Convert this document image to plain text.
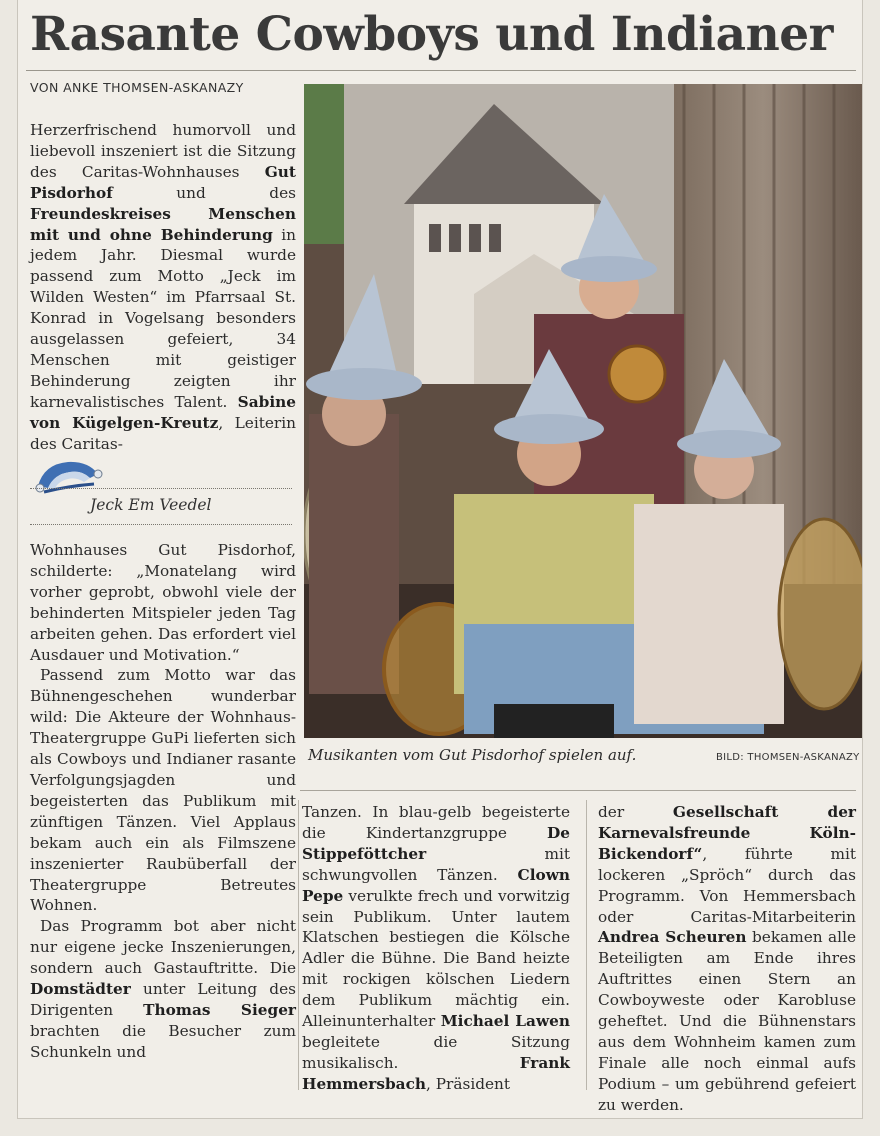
Rasante Cowboys und Indianer
VON ANKE THOMSEN-ASKANAZY

Herzerfrischend humorvoll und liebevoll inszeniert ist die Sitzung des Caritas-Wohnhauses Gut Pisdorhof und des Freundeskreises Menschen mit und ohne Behinderung in jedem Jahr. Diesmal wurde passend zum Motto „Jeck im Wilden Westen“ im Pfarrsaal St. Konrad in Vogelsang besonders ausgelassen gefeiert, 34 Menschen mit geistiger Behinderung zeigten ihr karnevalistisches Talent. Sabine von Kügelgen-Kreutz, Leiterin des Caritas-

Jeck Em Veedel

Wohnhauses Gut Pisdorhof, schilderte: „Monatelang wird vorher geprobt, obwohl viele der behinderten Mitspieler jeden Tag arbeiten gehen. Das erfordert viel Ausdauer und Motivation.“

Passend zum Motto war das Bühnengeschehen wunderbar wild: Die Akteure der Wohnhaus-Theatergruppe GuPi lieferten sich als Cowboys und Indianer rasante Verfolgungsjagden und begeisterten das Publikum mit zünftigen Tänzen. Viel Applaus bekam auch ein als Filmszene inszenierter Raubüberfall der Theatergruppe Betreutes Wohnen.

Das Programm bot aber nicht nur eigene jecke Inszenierungen, sondern auch Gastauftritte. Die Domstädter unter Leitung des Dirigenten Thomas Sieger brachten die Besucher zum Schunkeln und

Musikanten vom Gut Pisdorhof spielen auf.	BILD: THOMSEN-ASKANAZY

Tanzen. In blau-gelb begeisterte die Kindertanzgruppe De Stippeföttcher mit schwungvollen Tänzen. Clown Pepe verulkte frech und vorwitzig sein Publikum. Unter lautem Klatschen bestiegen die Kölsche Adler die Bühne. Die Band heizte mit rockigen kölschen Liedern dem Publikum mächtig ein. Alleinunterhalter Michael Lawen begleitete die Sitzung musikalisch. Frank Hemmersbach, Präsident

der Gesellschaft der Karnevalsfreunde Köln-Bickendorf“, führte mit lockeren „Spröch“ durch das Programm. Von Hemmersbach oder Caritas-Mitarbeiterin Andrea Scheuren bekamen alle Beteiligten am Ende ihres Auftrittes einen Stern an Cowboyweste oder Karobluse geheftet. Und die Bühnenstars aus dem Wohnheim kamen zum Finale alle noch einmal aufs Podium – um gebührend gefeiert zu werden.
